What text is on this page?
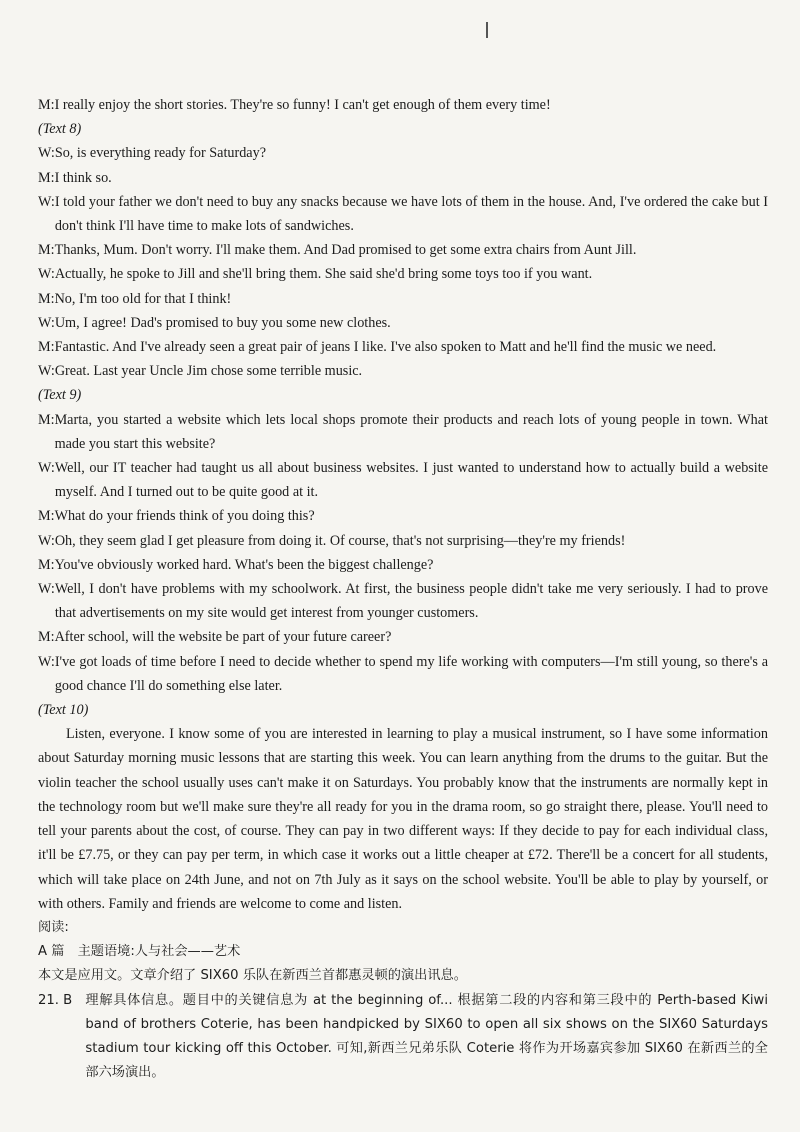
M: I really enjoy the short stories. They're so funny! I can't get enough of them every time!

(Text 8)

W: So, is everything ready for Saturday?

M: I think so.

W: I told your father we don't need to buy any snacks because we have lots of them in the house. And, I've ordered the cake but I don't think I'll have time to make lots of sandwiches.

M: Thanks, Mum. Don't worry. I'll make them. And Dad promised to get some extra chairs from Aunt Jill.

W: Actually, he spoke to Jill and she'll bring them. She said she'd bring some toys too if you want.

M: No, I'm too old for that I think!

W: Um, I agree! Dad's promised to buy you some new clothes.

M: Fantastic. And I've already seen a great pair of jeans I like. I've also spoken to Matt and he'll find the music we need.

W: Great. Last year Uncle Jim chose some terrible music.

(Text 9)

M: Marta, you started a website which lets local shops promote their products and reach lots of young people in town. What made you start this website?

W: Well, our IT teacher had taught us all about business websites. I just wanted to understand how to actually build a website myself. And I turned out to be quite good at it.

M: What do your friends think of you doing this?

W: Oh, they seem glad I get pleasure from doing it. Of course, that's not surprising—they're my friends!

M: You've obviously worked hard. What's been the biggest challenge?

W: Well, I don't have problems with my schoolwork. At first, the business people didn't take me very seriously. I had to prove that advertisements on my site would get interest from younger customers.

M: After school, will the website be part of your future career?

W: I've got loads of time before I need to decide whether to spend my life working with computers—I'm still young, so there's a good chance I'll do something else later.

(Text 10)

Listen, everyone. I know some of you are interested in learning to play a musical instrument, so I have some information about Saturday morning music lessons that are starting this week. You can learn anything from the drums to the guitar. But the violin teacher the school usually uses can't make it on Saturdays. You probably know that the instruments are normally kept in the technology room but we'll make sure they're all ready for you in the drama room, so go straight there, please. You'll need to tell your parents about the cost, of course. They can pay in two different ways: If they decide to pay for each individual class, it'll be £7.75, or they can pay per term, in which case it works out a little cheaper at £72. There'll be a concert for all students, which will take place on 24th June, and not on 7th July as it says on the school website. You'll be able to play by yourself, or with others. Family and friends are welcome to come and listen.

阅读:

A 篇　主题语境:人与社会——艺术

本文是应用文。文章介绍了 SIX60 乐队在新西兰首都惠灵顿的演出讯息。

21. B　 理解具体信息。题目中的关键信息为 at the beginning of... 根据第二段的内容和第三段中的 Perth-based Kiwi band of brothers Coterie, has been handpicked by SIX60 to open all six shows on the SIX60 Saturdays stadium tour kicking off this October. 可知,新西兰兄弟乐队 Coterie 将作为开场嘉宾参加 SIX60 在新西兰的全部六场演出。
